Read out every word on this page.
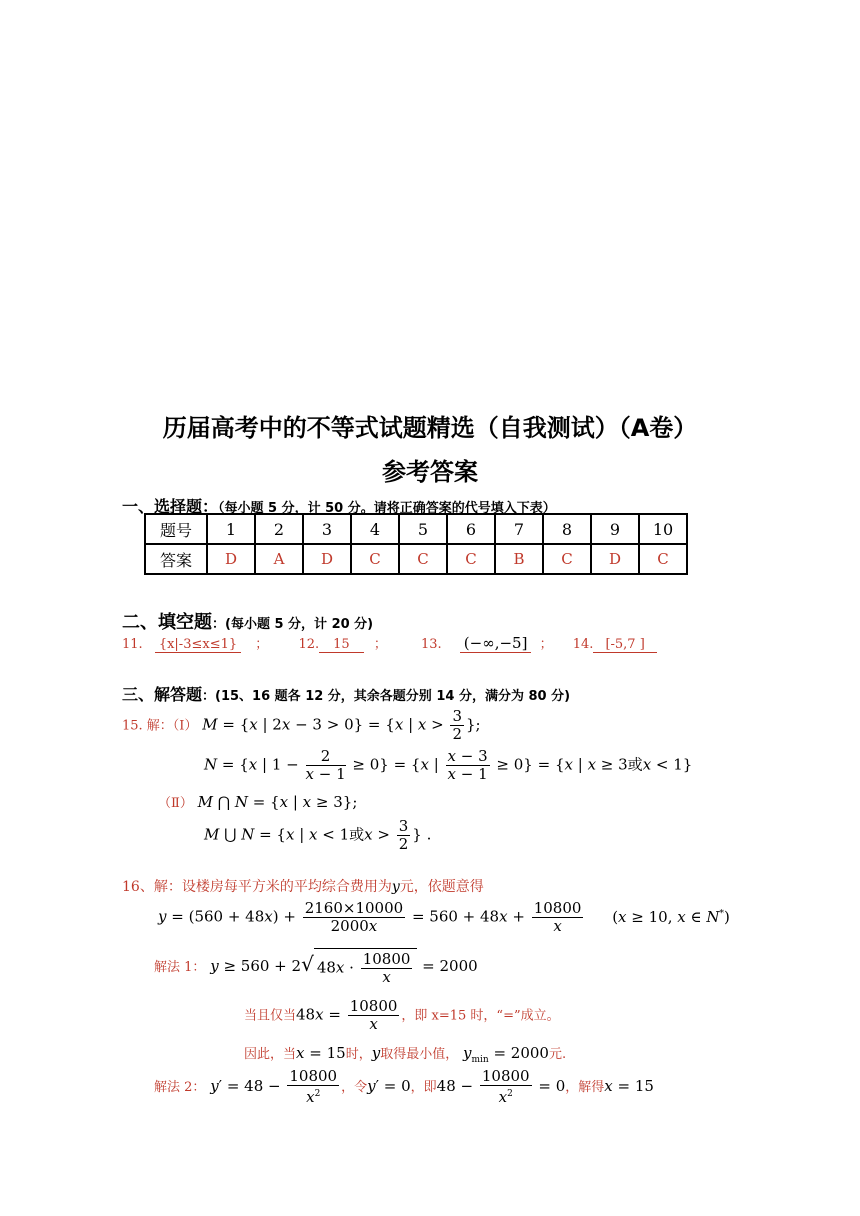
历届高考中的不等式试题精选（自我测试）（A卷）
参考答案
一、选择题：（每小题 5 分，计 50 分。请将正确答案的代号填入下表）
题号	1	2	3	4	5	6	7	8	9	10
答案	D	A	D	C	C	C	B	C	D	C
二、填空题：(每小题 5 分，计 20 分)
11. {x|-3≤x≤1} ； 12. 15 ；	13. (−∞,−5] ； 14. [-5,7 ]
三、解答题：(15、16 题各 12 分，其余各题分别 14 分，满分为 80 分)
15. 解：（Ⅰ） M = {x | 2x − 3 > 0} = {x | $x > \frac{3}{2}$ };
N = {x | $1 - \frac{2}{x - 1} \ge 0\} = \{x$ | $\frac{x - 3}{x - 1} \ge 0\} = \{x$ | x ≥ 3或x < 1}
（Ⅱ） M ⋂ N = {x | x ≥ 3};
M ⋃ N = {x | x < 1或$x > \frac{3}{2}$ } .
16、解：设楼房每平方米的平均综合费用为y元，依题意得
$y = (560 + 48x) + \frac{2160\times 10000}{2000x} = 560 + 48x + \frac{10800}{x} (x \ge 10$, x ∈ N*)
解法 1： y ≥ 560 + 2√ $48x \cdot \frac{10800}{x} = 2000$
当且仅当$48x = \frac{10800}{x}$ ，即 x=15 时，“=”成立。
因此，当x = 15时，y取得最小值， $y_{min} = 2000$元.
解法 2： $y' = 48 - \frac{10800}{x^2}$ ，令y′ = 0，即$48 - \frac{10800}{x^2} = 0$，解得x = 15
